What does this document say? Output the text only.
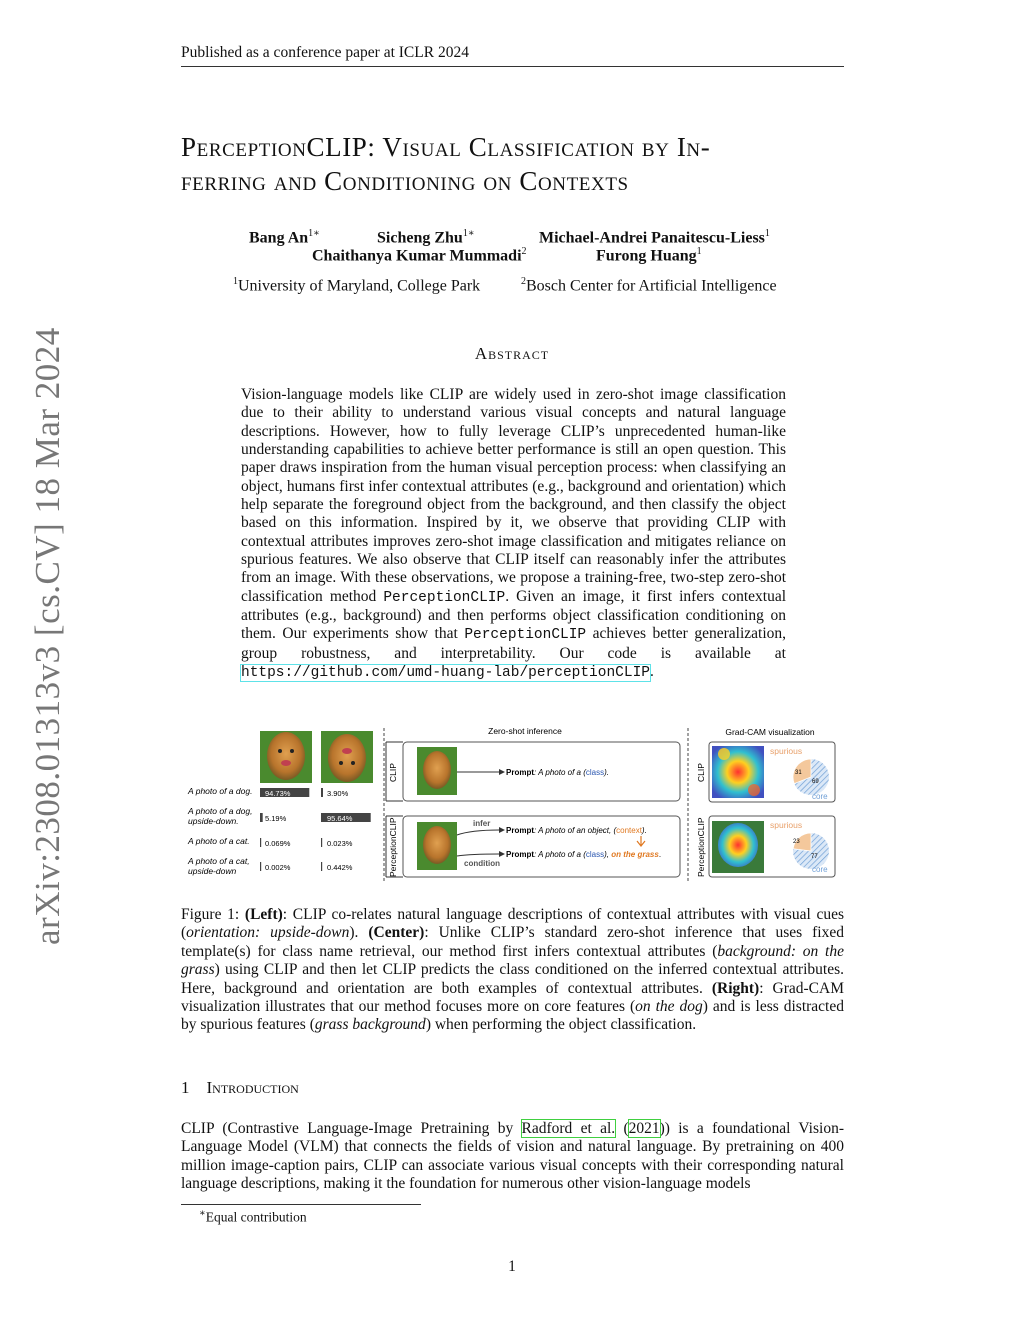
Published as a conference paper at ICLR 2024
arXiv:2308.01313v3 [cs.CV] 18 Mar 2024
PerceptionCLIP: Visual Classification by In-
ferring and Conditioning on Contexts
Bang $An^{1∗}$	Sicheng Zhu$^{1∗}$	Michael-Andrei Panaitescu-Liess$^1$
Chaithanya Kumar Mummadi$^2$	Furong Huang$^1$
$^1$University of Maryland, College Park	$^2$Bosch Center for Artificial Intelligence
Abstract
Vision-language models like CLIP are widely used in zero-shot image classification due to their ability to understand various visual concepts and natural language descriptions. However, how to fully leverage CLIP’s unprecedented human-like understanding capabilities to achieve better performance is still an open question. This paper draws inspiration from the human visual perception process: when classifying an object, humans first infer contextual attributes (e.g., background and orientation) which help separate the foreground object from the background, and then classify the object based on this information. Inspired by it, we observe that providing CLIP with contextual attributes improves zero-shot image classification and mitigates reliance on spurious features. We also observe that CLIP itself can reasonably infer the attributes from an image. With these observations, we propose a training-free, two-step zero-shot classification method PerceptionCLIP. Given an image, it first infers contextual attributes (e.g., background) and then performs object classification conditioning on them. Our experiments show that PerceptionCLIP achieves better generalization, group robustness, and interpretability. Our code is available at https://github.com/umd-huang-lab/perceptionCLIP.
A photo of a dog. 94.73%	3.90%
A photo of a dog,
upside-down.	5.19%	95.64%
A photo of a cat. 0.069%	0.023%
A photo of a cat,
upside-down	0.002%	0.442%
Zero-shot inference
CLIP	Prompt: A photo of a (class).
PerceptionCLIP	infer
condition
Prompt: A photo of an object, (context).
Prompt: A photo of a (class), on the grass.
Grad-CAM visualization
CLIP
PerceptionCLIP
spurious
31
69
core
spurious
23
77
core
Figure 1: (Left): CLIP co-relates natural language descriptions of contextual attributes with visual cues (orientation: upside-down). (Center): Unlike CLIP’s standard zero-shot inference that uses fixed template(s) for class name retrieval, our method first infers contextual attributes (background: on the grass) using CLIP and then let CLIP predicts the class conditioned on the inferred contextual attributes. Here, background and orientation are both examples of contextual attributes. (Right): Grad-CAM visualization illustrates that our method focuses more on core features (on the dog) and is less distracted by spurious features (grass background) when performing the object classification.
1 Introduction
CLIP (Contrastive Language-Image Pretraining by Radford et al. (2021)) is a foundational Vision-Language Model (VLM) that connects the fields of vision and natural language. By pretraining on 400 million image-caption pairs, CLIP can associate various visual concepts with their corresponding natural language descriptions, making it the foundation for numerous other vision-language models
∗Equal contribution
1
